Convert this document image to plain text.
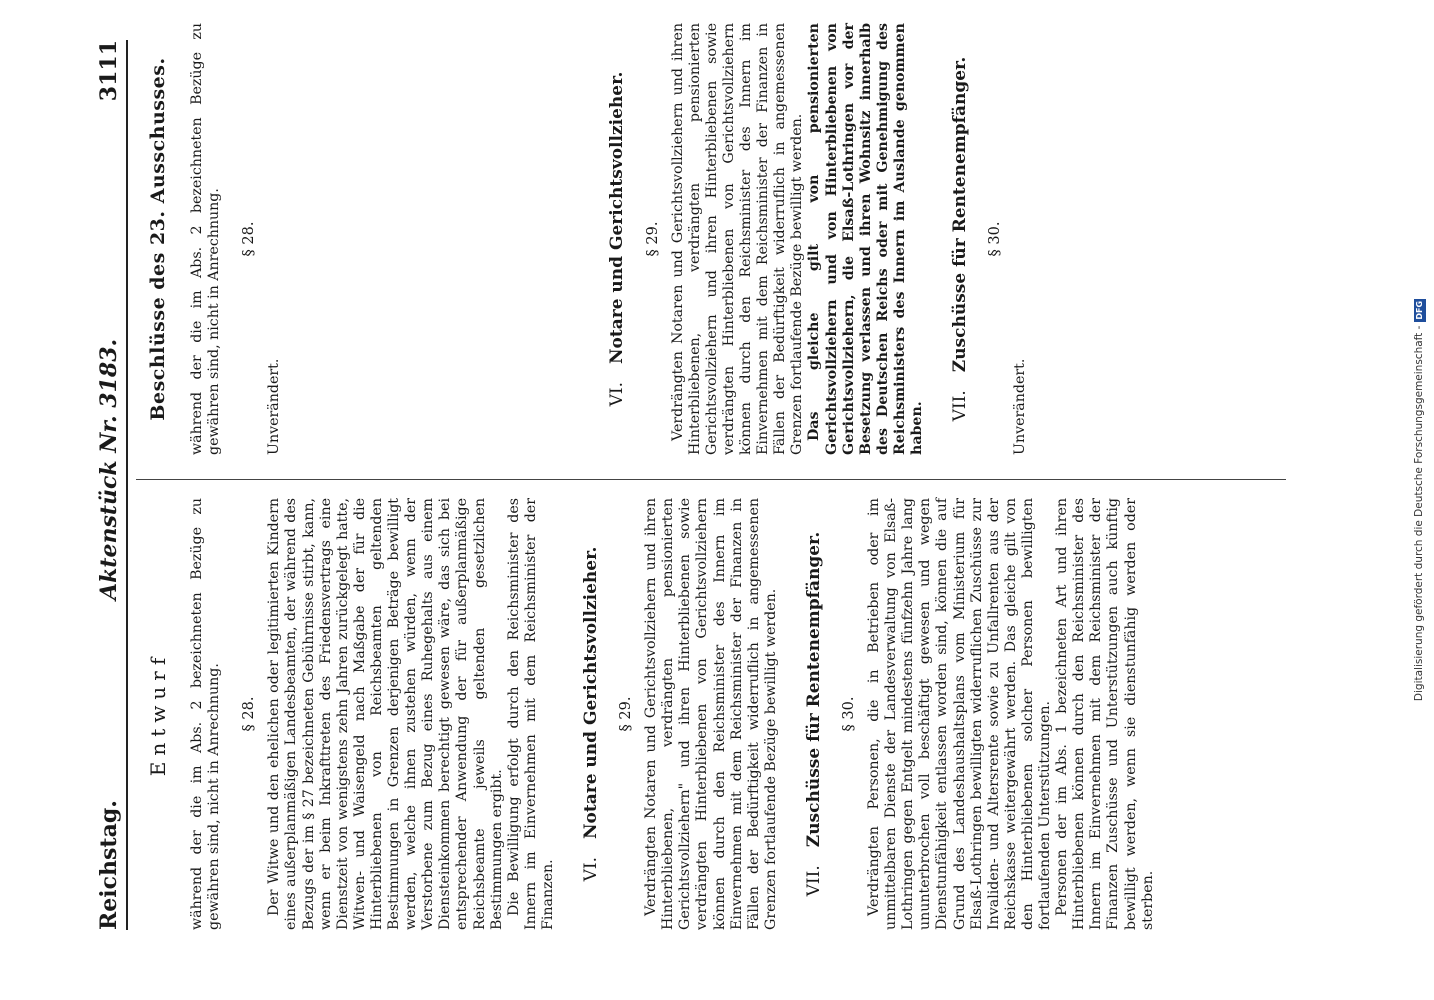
Reichstag.
Aktenstück Nr. 3183.
3111
Entwurf während der die im Abs. 2 bezeichneten Bezüge zu gewähren sind, nicht in Anrechnung. § 28. Der Witwe und den ehelichen oder legitimierten Kindern eines außerplanmäßigen Landesbeamten, der während des Bezugs der im § 27 bezeichneten Gebührnisse stirbt, kann, wenn er beim Inkrafttreten des Friedensvertrags eine Dienstzeit von wenigstens zehn Jahren zurückgelegt hatte, Witwen- und Waisengeld nach Maßgabe der für die Hinterbliebenen von Reichsbeamten geltenden Bestimmungen in Grenzen derjenigen Beträge bewilligt werden, welche ihnen zustehen würden, wenn der Verstorbene zum Bezug eines Ruhegehalts aus einem Diensteinkommen berechtigt gewesen wäre, das sich bei entsprechender Anwendung der für außerplanmäßige Reichsbeamte jeweils geltenden gesetzlichen Bestimmungen ergibt. Die Bewilligung erfolgt durch den Reichsminister des Innern im Einvernehmen mit dem Reichsminister der Finanzen. VI.Notare und Gerichtsvollzieher. § 29. Verdrängten Notaren und Gerichtsvollziehern und ihren Hinterbliebenen, verdrängten pensionierten Gerichtsvollziehern" und ihren Hinterbliebenen sowie verdrängten Hinterbliebenen von Gerichtsvollziehern können durch den Reichsminister des Innern im Einvernehmen mit dem Reichsminister der Finanzen in Fällen der Bedürftigkeit widerruflich in angemessenen Grenzen fortlaufende Bezüge bewilligt werden. VII.Zuschüsse für Rentenempfänger. § 30. Verdrängten Personen, die in Betrieben oder im unmittelbaren Dienste der Landesverwaltung von Elsaß-Lothringen gegen Entgelt mindestens fünfzehn Jahre lang ununterbrochen voll beschäftigt gewesen und wegen Dienstunfähigkeit entlassen worden sind, können die auf Grund des Landeshaushaltsplans vom Ministerium für Elsaß-Lothringen bewilligten widerruflichen Zuschüsse zur Invaliden- und Altersrente sowie zu Unfallrenten aus der Reichskasse weitergewährt werden. Das gleiche gilt von den Hinterbliebenen solcher Personen bewilligten fortlaufenden Unterstützungen. Personen der im Abs. 1 bezeichneten Art und ihren Hinterbliebenen können durch den Reichsminister des Innern im Einvernehmen mit dem Reichsminister der Finanzen Zuschüsse und Unterstützungen auch künftig bewilligt werden, wenn sie dienstunfähig werden oder sterben.

Beschlüsse des 23. Ausschusses. während der die im Abs. 2 bezeichneten Bezüge zu gewähren sind, nicht in Anrechnung. § 28.

Unverändert.	VI.Notare und Gerichtsvollzieher. § 29. Verdrängten Notaren und Gerichtsvollziehern und ihren Hinterbliebenen, verdrängten pensionierten Gerichtsvollziehern und ihren Hinterbliebenen sowie verdrängten Hinterbliebenen von Gerichtsvollziehern können durch den Reichsminister des Innern im Einvernehmen mit dem Reichsminister der Finanzen in Fällen der Bedürftigkeit widerruflich in angemessenen Grenzen fortlaufende Bezüge bewilligt werden. Das gleiche gilt von pensionierten Gerichtsvollziehern und von Hinterbliebenen von Gerichtsvollziehern, die Elsaß-Lothringen vor der Besetzung verlassen und ihren Wohnsitz innerhalb des Deutschen Reichs oder mit Genehmigung des Reichsministers des Innern im Auslande genommen haben. VII.Zuschüsse für Rentenempfänger. § 30.

Unverändert.	Digitalisierung gefördert durch die Deutsche Forschungsgemeinschaft -DFG
